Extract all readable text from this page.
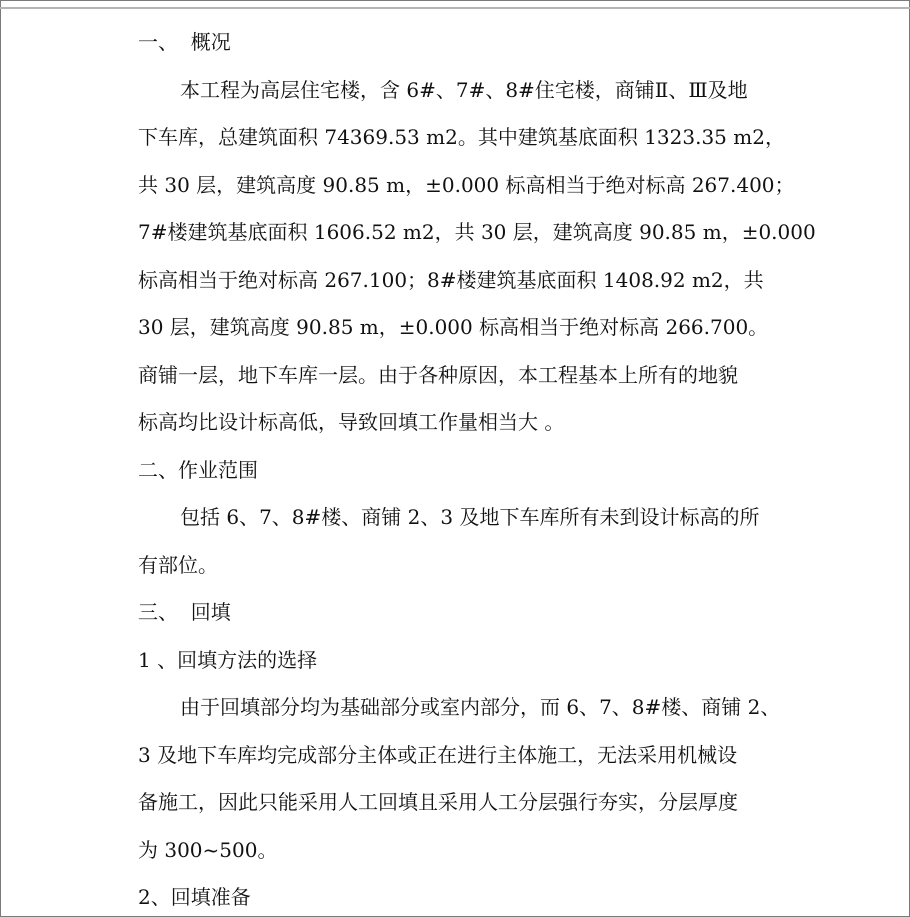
一、  概况
本工程为高层住宅楼，含 6#、7#、8#住宅楼，商铺Ⅱ、Ⅲ及地
下车库，总建筑面积 74369.53 m2。其中建筑基底面积 1323.35 m2，
共 30 层，建筑高度 90.85 m，±0.000 标高相当于绝对标高 267.400；
7#楼建筑基底面积 1606.52 m2，共 30 层，建筑高度 90.85 m，±0.000
标高相当于绝对标高 267.100；8#楼建筑基底面积 1408.92 m2，共
30 层，建筑高度 90.85 m，±0.000 标高相当于绝对标高 266.700。
商铺一层，地下车库一层。由于各种原因，本工程基本上所有的地貌
标高均比设计标高低，导致回填工作量相当大 。
二、作业范围
包括 6、7、8#楼、商铺 2、3 及地下车库所有未到设计标高的所
有部位。
三、  回填
1 、回填方法的选择
由于回填部分均为基础部分或室内部分，而 6、7、8#楼、商铺 2、
3 及地下车库均完成部分主体或正在进行主体施工，无法采用机械设
备施工，因此只能采用人工回填且采用人工分层强行夯实，分层厚度
为 300~500。
2、回填准备
